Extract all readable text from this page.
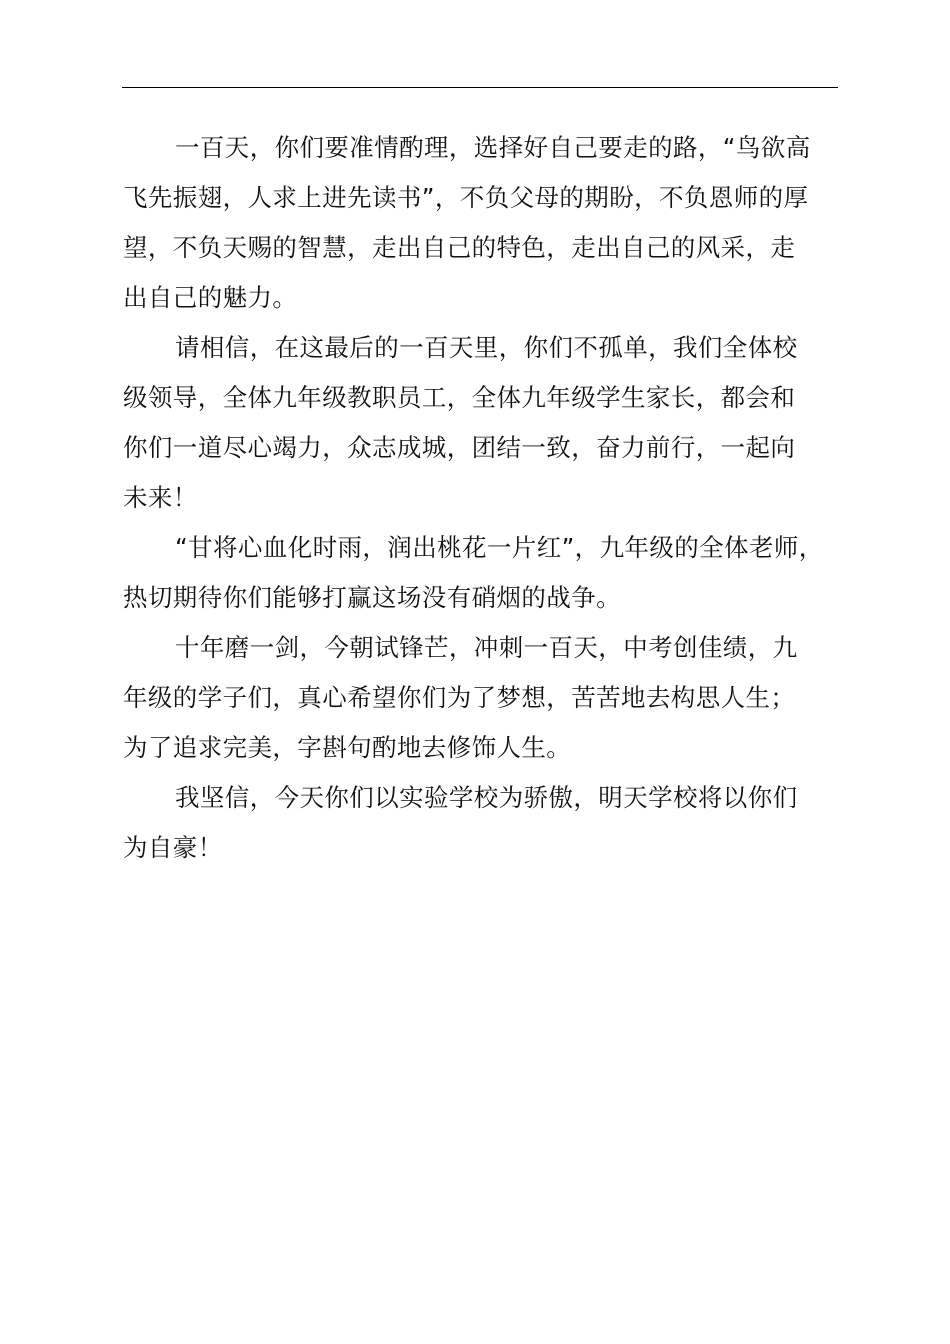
一百天，你们要准情酌理，选择好自己要走的路，“鸟欲高
飞先振翅，人求上进先读书”，不负父母的期盼，不负恩师的厚
望，不负天赐的智慧，走出自己的特色，走出自己的风采，走
出自己的魅力。
请相信，在这最后的一百天里，你们不孤单，我们全体校
级领导，全体九年级教职员工，全体九年级学生家长，都会和
你们一道尽心竭力，众志成城，团结一致，奋力前行，一起向
未来！
“甘将心血化时雨，润出桃花一片红”，九年级的全体老师，
热切期待你们能够打赢这场没有硝烟的战争。
十年磨一剑，今朝试锋芒，冲刺一百天，中考创佳绩，九
年级的学子们，真心希望你们为了梦想，苦苦地去构思人生；
为了追求完美，字斟句酌地去修饰人生。
我坚信，今天你们以实验学校为骄傲，明天学校将以你们
为自豪！
